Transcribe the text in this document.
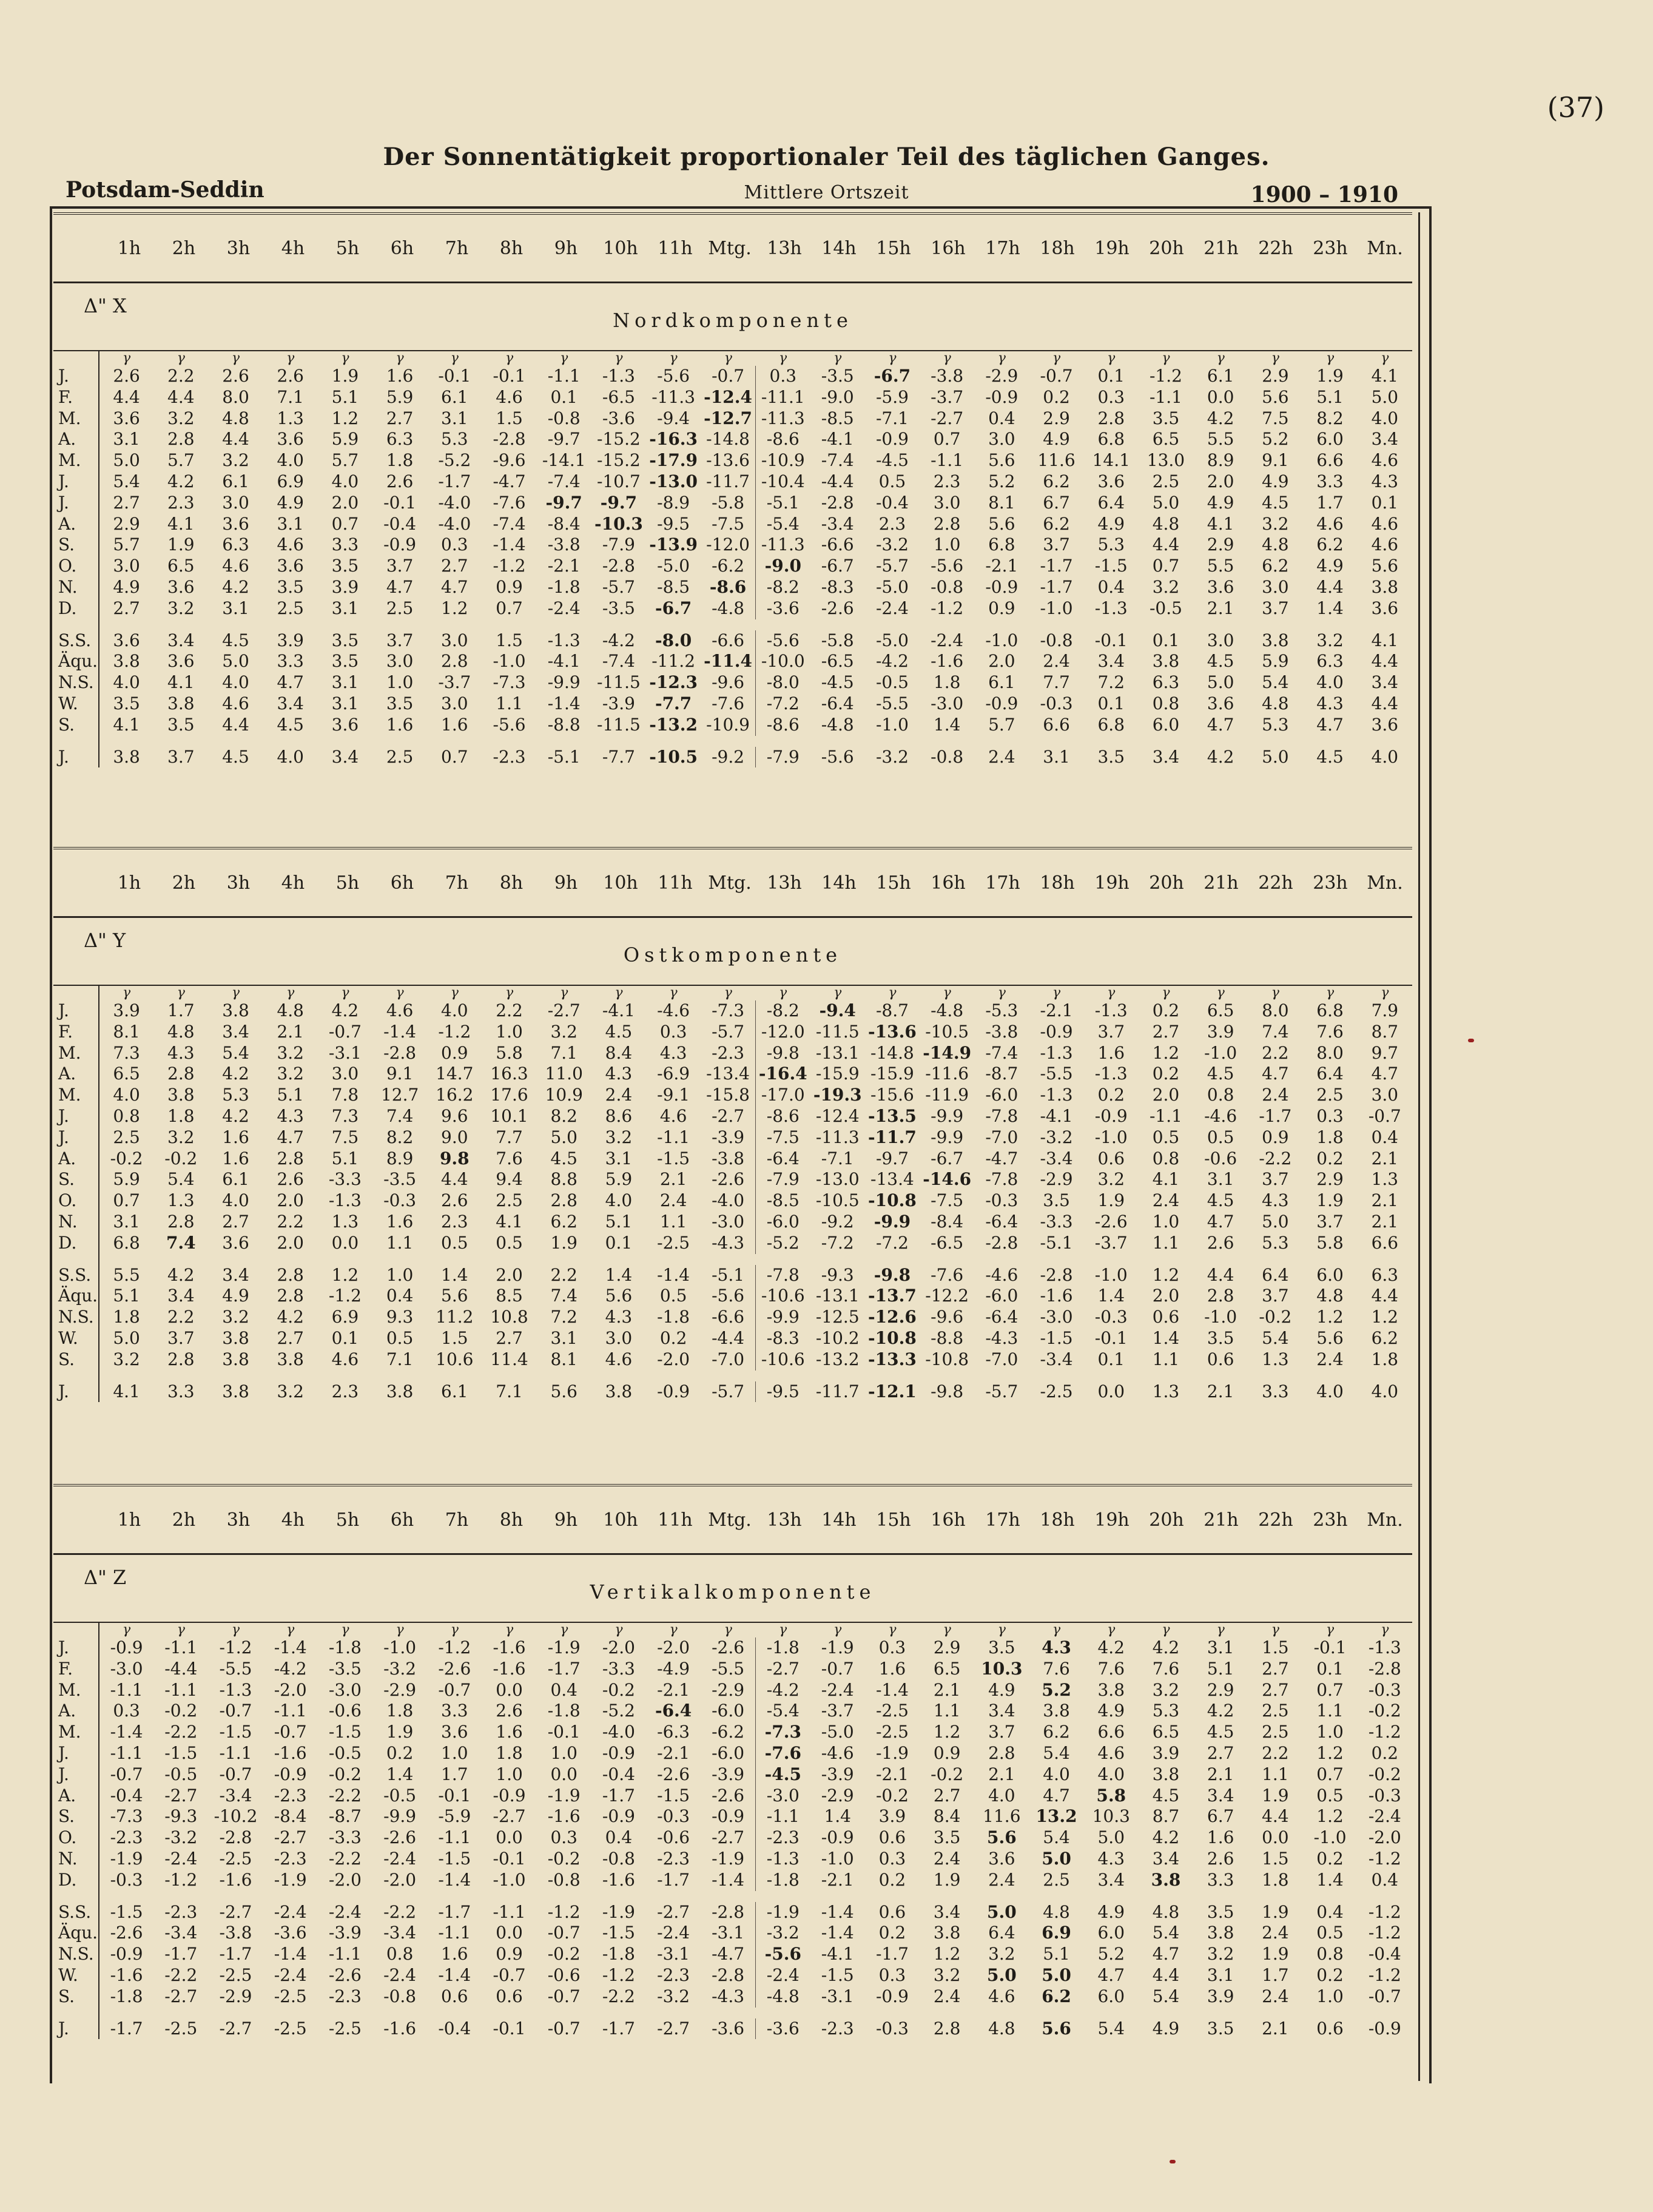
(37)
Der Sonnentätigkeit proportionaler Teil des täglichen Ganges.
Potsdam-Seddin	Mittlere Ortszeit	1900 – 1910
1h	2h	3h	4h	5h	6h	7h	8h	9h	10h	11h Mtg. 13h	14h	15h	16h	17h	18h	19h	20h	21h	22h	23h	Mn.
Δ" X
Nordkomponente
	γ	γ	γ	γ	γ	γ	γ	γ	γ	γ	γ	γ	γ	γ	γ	γ	γ	γ	γ	γ	γ	γ	γ	γ
J.	2.6	2.2	2.6	2.6	1.9	1.6	-0.1	-0.1	-1.1	-1.3	-5.6	-0.7	0.3	-3.5	-6.7	-3.8	-2.9	-0.7	0.1	-1.2	6.1	2.9	1.9	4.1
F.	4.4	4.4	8.0	7.1	5.1	5.9	6.1	4.6	0.1	-6.5	-11.3	-12.4	-11.1	-9.0	-5.9	-3.7	-0.9	0.2	0.3	-1.1	0.0	5.6	5.1	5.0
M.	3.6	3.2	4.8	1.3	1.2	2.7	3.1	1.5	-0.8	-3.6	-9.4	-12.7	-11.3	-8.5	-7.1	-2.7	0.4	2.9	2.8	3.5	4.2	7.5	8.2	4.0
A.	3.1	2.8	4.4	3.6	5.9	6.3	5.3	-2.8	-9.7	-15.2	-16.3	-14.8	-8.6	-4.1	-0.9	0.7	3.0	4.9	6.8	6.5	5.5	5.2	6.0	3.4
M.	5.0	5.7	3.2	4.0	5.7	1.8	-5.2	-9.6	-14.1	-15.2	-17.9	-13.6	-10.9	-7.4	-4.5	-1.1	5.6	11.6	14.1	13.0	8.9	9.1	6.6	4.6
J.	5.4	4.2	6.1	6.9	4.0	2.6	-1.7	-4.7	-7.4	-10.7	-13.0	-11.7	-10.4	-4.4	0.5	2.3	5.2	6.2	3.6	2.5	2.0	4.9	3.3	4.3
J.	2.7	2.3	3.0	4.9	2.0	-0.1	-4.0	-7.6	-9.7	-9.7	-8.9	-5.8	-5.1	-2.8	-0.4	3.0	8.1	6.7	6.4	5.0	4.9	4.5	1.7	0.1
A.	2.9	4.1	3.6	3.1	0.7	-0.4	-4.0	-7.4	-8.4	-10.3	-9.5	-7.5	-5.4	-3.4	2.3	2.8	5.6	6.2	4.9	4.8	4.1	3.2	4.6	4.6
S.	5.7	1.9	6.3	4.6	3.3	-0.9	0.3	-1.4	-3.8	-7.9	-13.9	-12.0	-11.3	-6.6	-3.2	1.0	6.8	3.7	5.3	4.4	2.9	4.8	6.2	4.6
O.	3.0	6.5	4.6	3.6	3.5	3.7	2.7	-1.2	-2.1	-2.8	-5.0	-6.2	-9.0	-6.7	-5.7	-5.6	-2.1	-1.7	-1.5	0.7	5.5	6.2	4.9	5.6
N.	4.9	3.6	4.2	3.5	3.9	4.7	4.7	0.9	-1.8	-5.7	-8.5	-8.6	-8.2	-8.3	-5.0	-0.8	-0.9	-1.7	0.4	3.2	3.6	3.0	4.4	3.8
D.	2.7	3.2	3.1	2.5	3.1	2.5	1.2	0.7	-2.4	-3.5	-6.7	-4.8	-3.6	-2.6	-2.4	-1.2	0.9	-1.0	-1.3	-0.5	2.1	3.7	1.4	3.6

S.S.	3.6	3.4	4.5	3.9	3.5	3.7	3.0	1.5	-1.3	-4.2	-8.0	-6.6	-5.6	-5.8	-5.0	-2.4	-1.0	-0.8	-0.1	0.1	3.0	3.8	3.2	4.1
Äqu.	3.8	3.6	5.0	3.3	3.5	3.0	2.8	-1.0	-4.1	-7.4	-11.2	-11.4	-10.0	-6.5	-4.2	-1.6	2.0	2.4	3.4	3.8	4.5	5.9	6.3	4.4
N.S.	4.0	4.1	4.0	4.7	3.1	1.0	-3.7	-7.3	-9.9	-11.5	-12.3	-9.6	-8.0	-4.5	-0.5	1.8	6.1	7.7	7.2	6.3	5.0	5.4	4.0	3.4
W.	3.5	3.8	4.6	3.4	3.1	3.5	3.0	1.1	-1.4	-3.9	-7.7	-7.6	-7.2	-6.4	-5.5	-3.0	-0.9	-0.3	0.1	0.8	3.6	4.8	4.3	4.4
S.	4.1	3.5	4.4	4.5	3.6	1.6	1.6	-5.6	-8.8	-11.5	-13.2	-10.9	-8.6	-4.8	-1.0	1.4	5.7	6.6	6.8	6.0	4.7	5.3	4.7	3.6

J.	3.8	3.7	4.5	4.0	3.4	2.5	0.7	-2.3	-5.1	-7.7	-10.5	-9.2	-7.9	-5.6	-3.2	-0.8	2.4	3.1	3.5	3.4	4.2	5.0	4.5	4.0
1h	2h	3h	4h	5h	6h	7h	8h	9h	10h	11h Mtg. 13h	14h	15h	16h	17h	18h	19h	20h	21h	22h	23h	Mn.
Δ" Y
Ostkomponente
	γ	γ	γ	γ	γ	γ	γ	γ	γ	γ	γ	γ	γ	γ	γ	γ	γ	γ	γ	γ	γ	γ	γ	γ
J.	3.9	1.7	3.8	4.8	4.2	4.6	4.0	2.2	-2.7	-4.1	-4.6	-7.3	-8.2	-9.4	-8.7	-4.8	-5.3	-2.1	-1.3	0.2	6.5	8.0	6.8	7.9
F.	8.1	4.8	3.4	2.1	-0.7	-1.4	-1.2	1.0	3.2	4.5	0.3	-5.7	-12.0	-11.5	-13.6	-10.5	-3.8	-0.9	3.7	2.7	3.9	7.4	7.6	8.7
M.	7.3	4.3	5.4	3.2	-3.1	-2.8	0.9	5.8	7.1	8.4	4.3	-2.3	-9.8	-13.1	-14.8	-14.9	-7.4	-1.3	1.6	1.2	-1.0	2.2	8.0	9.7
A.	6.5	2.8	4.2	3.2	3.0	9.1	14.7	16.3	11.0	4.3	-6.9	-13.4	-16.4	-15.9	-15.9	-11.6	-8.7	-5.5	-1.3	0.2	4.5	4.7	6.4	4.7
M.	4.0	3.8	5.3	5.1	7.8	12.7	16.2	17.6	10.9	2.4	-9.1	-15.8	-17.0	-19.3	-15.6	-11.9	-6.0	-1.3	0.2	2.0	0.8	2.4	2.5	3.0
J.	0.8	1.8	4.2	4.3	7.3	7.4	9.6	10.1	8.2	8.6	4.6	-2.7	-8.6	-12.4	-13.5	-9.9	-7.8	-4.1	-0.9	-1.1	-4.6	-1.7	0.3	-0.7
J.	2.5	3.2	1.6	4.7	7.5	8.2	9.0	7.7	5.0	3.2	-1.1	-3.9	-7.5	-11.3	-11.7	-9.9	-7.0	-3.2	-1.0	0.5	0.5	0.9	1.8	0.4
A.	-0.2	-0.2	1.6	2.8	5.1	8.9	9.8	7.6	4.5	3.1	-1.5	-3.8	-6.4	-7.1	-9.7	-6.7	-4.7	-3.4	0.6	0.8	-0.6	-2.2	0.2	2.1
S.	5.9	5.4	6.1	2.6	-3.3	-3.5	4.4	9.4	8.8	5.9	2.1	-2.6	-7.9	-13.0	-13.4	-14.6	-7.8	-2.9	3.2	4.1	3.1	3.7	2.9	1.3
O.	0.7	1.3	4.0	2.0	-1.3	-0.3	2.6	2.5	2.8	4.0	2.4	-4.0	-8.5	-10.5	-10.8	-7.5	-0.3	3.5	1.9	2.4	4.5	4.3	1.9	2.1
N.	3.1	2.8	2.7	2.2	1.3	1.6	2.3	4.1	6.2	5.1	1.1	-3.0	-6.0	-9.2	-9.9	-8.4	-6.4	-3.3	-2.6	1.0	4.7	5.0	3.7	2.1
D.	6.8	7.4	3.6	2.0	0.0	1.1	0.5	0.5	1.9	0.1	-2.5	-4.3	-5.2	-7.2	-7.2	-6.5	-2.8	-5.1	-3.7	1.1	2.6	5.3	5.8	6.6

S.S.	5.5	4.2	3.4	2.8	1.2	1.0	1.4	2.0	2.2	1.4	-1.4	-5.1	-7.8	-9.3	-9.8	-7.6	-4.6	-2.8	-1.0	1.2	4.4	6.4	6.0	6.3
Äqu.	5.1	3.4	4.9	2.8	-1.2	0.4	5.6	8.5	7.4	5.6	0.5	-5.6	-10.6	-13.1	-13.7	-12.2	-6.0	-1.6	1.4	2.0	2.8	3.7	4.8	4.4
N.S.	1.8	2.2	3.2	4.2	6.9	9.3	11.2	10.8	7.2	4.3	-1.8	-6.6	-9.9	-12.5	-12.6	-9.6	-6.4	-3.0	-0.3	0.6	-1.0	-0.2	1.2	1.2
W.	5.0	3.7	3.8	2.7	0.1	0.5	1.5	2.7	3.1	3.0	0.2	-4.4	-8.3	-10.2	-10.8	-8.8	-4.3	-1.5	-0.1	1.4	3.5	5.4	5.6	6.2
S.	3.2	2.8	3.8	3.8	4.6	7.1	10.6	11.4	8.1	4.6	-2.0	-7.0	-10.6	-13.2	-13.3	-10.8	-7.0	-3.4	0.1	1.1	0.6	1.3	2.4	1.8

J.	4.1	3.3	3.8	3.2	2.3	3.8	6.1	7.1	5.6	3.8	-0.9	-5.7	-9.5	-11.7	-12.1	-9.8	-5.7	-2.5	0.0	1.3	2.1	3.3	4.0	4.0
1h	2h	3h	4h	5h	6h	7h	8h	9h	10h	11h Mtg. 13h	14h	15h	16h	17h	18h	19h	20h	21h	22h	23h	Mn.
Δ" Z
Vertikalkomponente
	γ	γ	γ	γ	γ	γ	γ	γ	γ	γ	γ	γ	γ	γ	γ	γ	γ	γ	γ	γ	γ	γ	γ	γ
J.	-0.9	-1.1	-1.2	-1.4	-1.8	-1.0	-1.2	-1.6	-1.9	-2.0	-2.0	-2.6	-1.8	-1.9	0.3	2.9	3.5	4.3	4.2	4.2	3.1	1.5	-0.1	-1.3
F.	-3.0	-4.4	-5.5	-4.2	-3.5	-3.2	-2.6	-1.6	-1.7	-3.3	-4.9	-5.5	-2.7	-0.7	1.6	6.5	10.3	7.6	7.6	7.6	5.1	2.7	0.1	-2.8
M.	-1.1	-1.1	-1.3	-2.0	-3.0	-2.9	-0.7	0.0	0.4	-0.2	-2.1	-2.9	-4.2	-2.4	-1.4	2.1	4.9	5.2	3.8	3.2	2.9	2.7	0.7	-0.3
A.	0.3	-0.2	-0.7	-1.1	-0.6	1.8	3.3	2.6	-1.8	-5.2	-6.4	-6.0	-5.4	-3.7	-2.5	1.1	3.4	3.8	4.9	5.3	4.2	2.5	1.1	-0.2
M.	-1.4	-2.2	-1.5	-0.7	-1.5	1.9	3.6	1.6	-0.1	-4.0	-6.3	-6.2	-7.3	-5.0	-2.5	1.2	3.7	6.2	6.6	6.5	4.5	2.5	1.0	-1.2
J.	-1.1	-1.5	-1.1	-1.6	-0.5	0.2	1.0	1.8	1.0	-0.9	-2.1	-6.0	-7.6	-4.6	-1.9	0.9	2.8	5.4	4.6	3.9	2.7	2.2	1.2	0.2
J.	-0.7	-0.5	-0.7	-0.9	-0.2	1.4	1.7	1.0	0.0	-0.4	-2.6	-3.9	-4.5	-3.9	-2.1	-0.2	2.1	4.0	4.0	3.8	2.1	1.1	0.7	-0.2
A.	-0.4	-2.7	-3.4	-2.3	-2.2	-0.5	-0.1	-0.9	-1.9	-1.7	-1.5	-2.6	-3.0	-2.9	-0.2	2.7	4.0	4.7	5.8	4.5	3.4	1.9	0.5	-0.3
S.	-7.3	-9.3	-10.2	-8.4	-8.7	-9.9	-5.9	-2.7	-1.6	-0.9	-0.3	-0.9	-1.1	1.4	3.9	8.4	11.6	13.2	10.3	8.7	6.7	4.4	1.2	-2.4
O.	-2.3	-3.2	-2.8	-2.7	-3.3	-2.6	-1.1	0.0	0.3	0.4	-0.6	-2.7	-2.3	-0.9	0.6	3.5	5.6	5.4	5.0	4.2	1.6	0.0	-1.0	-2.0
N.	-1.9	-2.4	-2.5	-2.3	-2.2	-2.4	-1.5	-0.1	-0.2	-0.8	-2.3	-1.9	-1.3	-1.0	0.3	2.4	3.6	5.0	4.3	3.4	2.6	1.5	0.2	-1.2
D.	-0.3	-1.2	-1.6	-1.9	-2.0	-2.0	-1.4	-1.0	-0.8	-1.6	-1.7	-1.4	-1.8	-2.1	0.2	1.9	2.4	2.5	3.4	3.8	3.3	1.8	1.4	0.4

S.S.	-1.5	-2.3	-2.7	-2.4	-2.4	-2.2	-1.7	-1.1	-1.2	-1.9	-2.7	-2.8	-1.9	-1.4	0.6	3.4	5.0	4.8	4.9	4.8	3.5	1.9	0.4	-1.2
Äqu.	-2.6	-3.4	-3.8	-3.6	-3.9	-3.4	-1.1	0.0	-0.7	-1.5	-2.4	-3.1	-3.2	-1.4	0.2	3.8	6.4	6.9	6.0	5.4	3.8	2.4	0.5	-1.2
N.S.	-0.9	-1.7	-1.7	-1.4	-1.1	0.8	1.6	0.9	-0.2	-1.8	-3.1	-4.7	-5.6	-4.1	-1.7	1.2	3.2	5.1	5.2	4.7	3.2	1.9	0.8	-0.4
W.	-1.6	-2.2	-2.5	-2.4	-2.6	-2.4	-1.4	-0.7	-0.6	-1.2	-2.3	-2.8	-2.4	-1.5	0.3	3.2	5.0	5.0	4.7	4.4	3.1	1.7	0.2	-1.2
S.	-1.8	-2.7	-2.9	-2.5	-2.3	-0.8	0.6	0.6	-0.7	-2.2	-3.2	-4.3	-4.8	-3.1	-0.9	2.4	4.6	6.2	6.0	5.4	3.9	2.4	1.0	-0.7

J.	-1.7	-2.5	-2.7	-2.5	-2.5	-1.6	-0.4	-0.1	-0.7	-1.7	-2.7	-3.6	-3.6	-2.3	-0.3	2.8	4.8	5.6	5.4	4.9	3.5	2.1	0.6	-0.9
